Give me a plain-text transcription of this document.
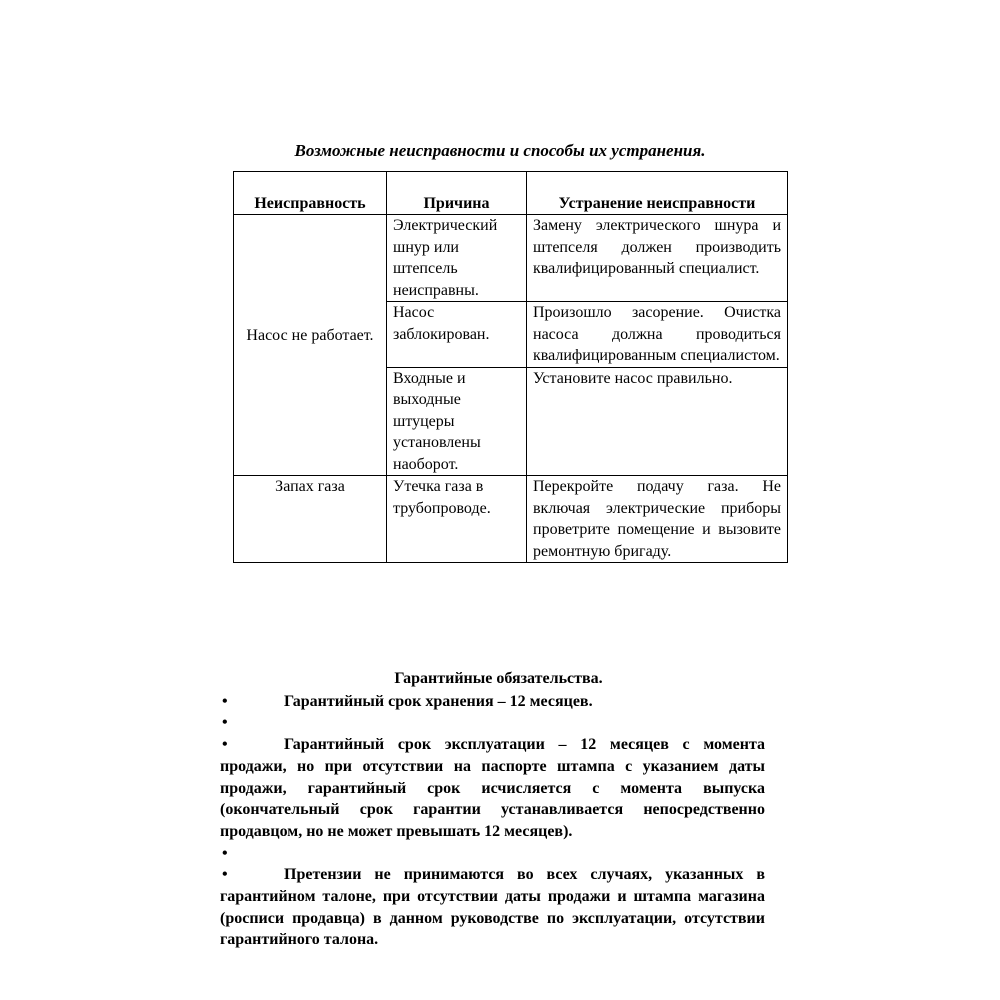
Возможные неисправности и способы их устранения.
Неисправность	Причина	Устранение неисправности
Насос не работает.	Электрический шнур или штепсель неисправны.	Замену электрического шнура и штепселя должен производить квалифицированный специалист.
	Насос заблокирован.	Произошло засорение. Очистка насоса должна проводиться квалифицированным специалистом.
	Входные и выходные штуцеры установлены наоборот.	Установите насос правильно.
Запах газа	Утечка газа в трубопроводе.	Перекройте подачу газа. Не включая электрические приборы проветрите помещение и вызовите ремонтную бригаду.

Гарантийные обязательства.

•	Гарантийный срок хранения – 12 месяцев.

•

•	Гарантийный срок эксплуатации – 12 месяцев с момента продажи, но при отсутствии на паспорте штампа с указанием даты продажи, гарантийный срок исчисляется с момента выпуска (окончательный срок гарантии устанавливается непосредственно продавцом, но не может превышать 12 месяцев).

•

•	Претензии не принимаются во всех случаях, указанных в гарантийном талоне, при отсутствии даты продажи и штампа магазина (росписи продавца) в данном руководстве по эксплуатации, отсутствии гарантийного талона.
